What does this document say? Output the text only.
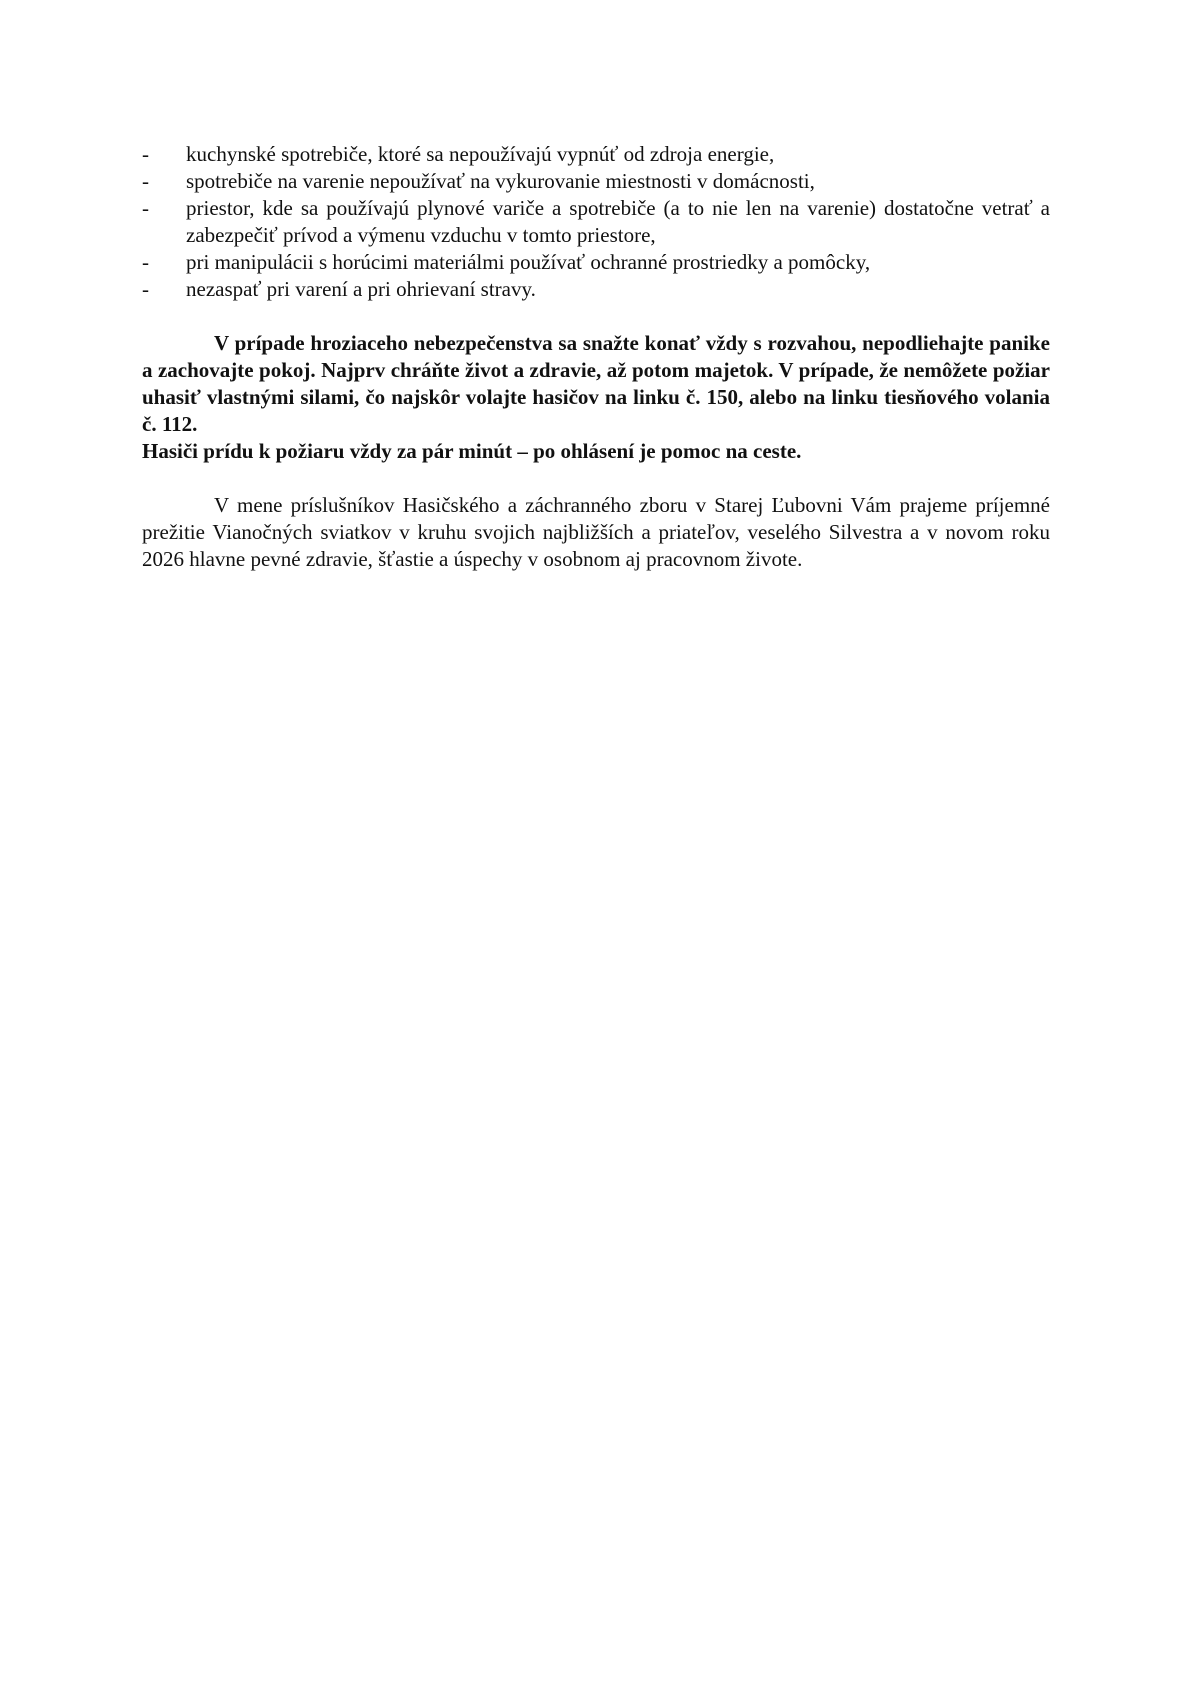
-	kuchynské spotrebiče, ktoré sa nepoužívajú vypnúť od zdroja energie,
-	spotrebiče na varenie nepoužívať na vykurovanie miestnosti v domácnosti,
-	priestor, kde sa používajú plynové variče a spotrebiče (a to nie len na varenie) dostatočne vetrať a zabezpečiť prívod a výmenu vzduchu v tomto priestore,
-	pri manipulácii s horúcimi materiálmi používať ochranné prostriedky a pomôcky,
-	nezaspať pri varení a pri ohrievaní stravy.

V prípade hroziaceho nebezpečenstva sa snažte konať vždy s rozvahou, nepodliehajte panike a zachovajte pokoj. Najprv chráňte život a zdravie, až potom majetok. V prípade, že nemôžete požiar uhasiť vlastnými silami, čo najskôr volajte hasičov na linku č. 150, alebo na linku tiesňového volania č. 112.

Hasiči prídu k požiaru vždy za pár minút – po ohlásení je pomoc na ceste.

V mene príslušníkov Hasičského a záchranného zboru v Starej Ľubovni Vám prajeme príjemné prežitie Vianočných sviatkov v kruhu svojich najbližších a priateľov, veselého Silvestra a v novom roku 2026 hlavne pevné zdravie, šťastie a úspechy v osobnom aj pracovnom živote.
